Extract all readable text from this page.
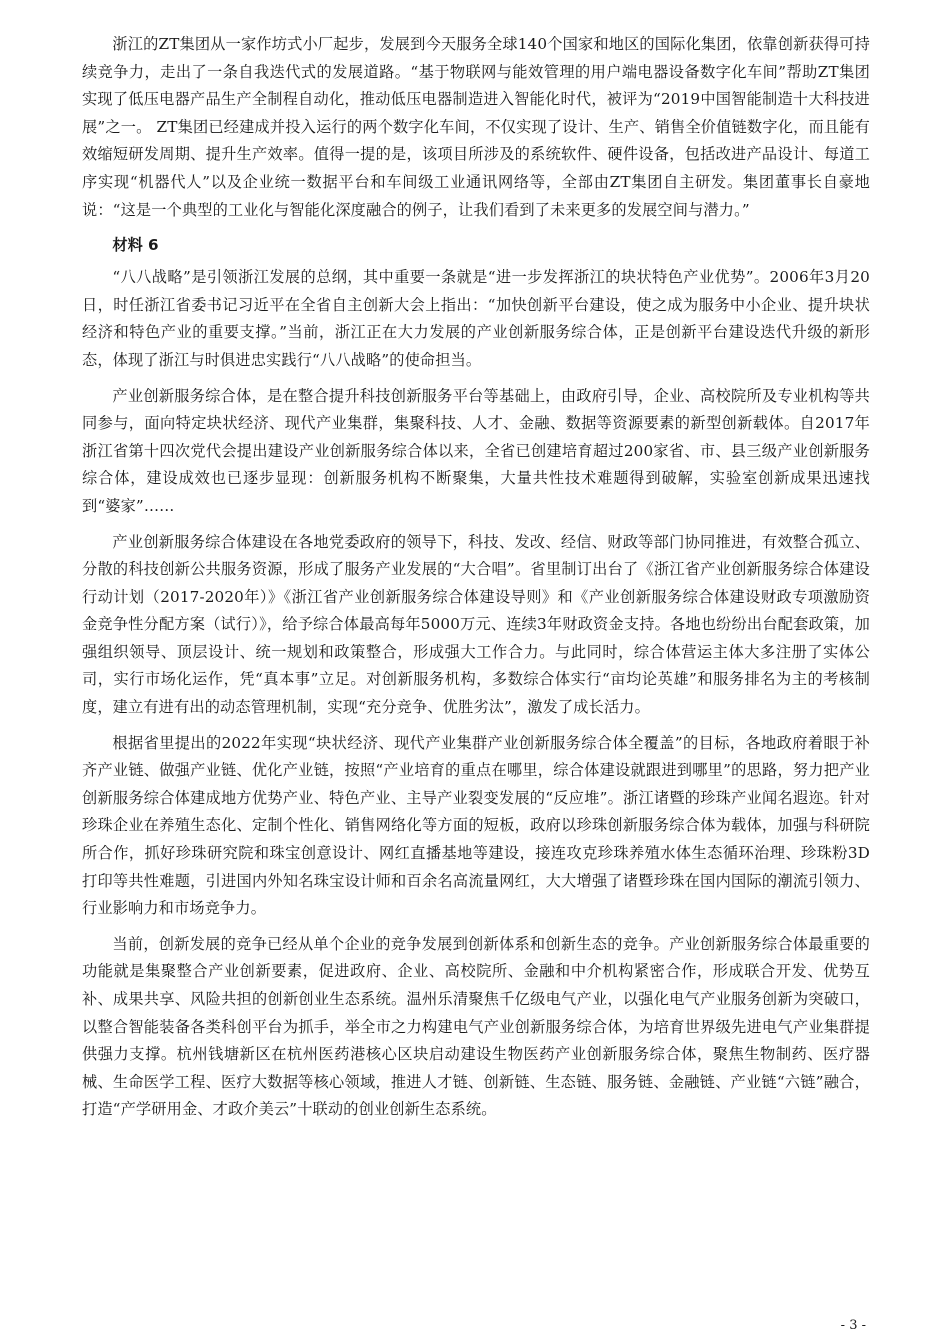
浙江的ZT集团从一家作坊式小厂起步，发展到今天服务全球140个国家和地区的国际化集团，依靠创新获得可持续竞争力，走出了一条自我迭代式的发展道路。“基于物联网与能效管理的用户端电器设备数字化车间”帮助ZT集团实现了低压电器产品生产全制程自动化，推动低压电器制造进入智能化时代，被评为“2019中国智能制造十大科技进展”之一。 ZT集团已经建成并投入运行的两个数字化车间，不仅实现了设计、生产、销售全价值链数字化，而且能有效缩短研发周期、提升生产效率。值得一提的是，该项目所涉及的系统软件、硬件设备，包括改进产品设计、每道工序实现“机器代人”以及企业统一数据平台和车间级工业通讯网络等，全部由ZT集团自主研发。集团董事长自豪地说：“这是一个典型的工业化与智能化深度融合的例子，让我们看到了未来更多的发展空间与潜力。”

材料 6

“八八战略”是引领浙江发展的总纲，其中重要一条就是“进一步发挥浙江的块状特色产业优势”。2006年3月20日，时任浙江省委书记习近平在全省自主创新大会上指出：“加快创新平台建设，使之成为服务中小企业、提升块状经济和特色产业的重要支撑。”当前，浙江正在大力发展的产业创新服务综合体，正是创新平台建设迭代升级的新形态，体现了浙江与时俱进忠实践行“八八战略”的使命担当。

产业创新服务综合体，是在整合提升科技创新服务平台等基础上，由政府引导，企业、高校院所及专业机构等共同参与，面向特定块状经济、现代产业集群，集聚科技、人才、金融、数据等资源要素的新型创新载体。自2017年浙江省第十四次党代会提出建设产业创新服务综合体以来，全省已创建培育超过200家省、市、县三级产业创新服务综合体，建设成效也已逐步显现：创新服务机构不断聚集，大量共性技术难题得到破解，实验室创新成果迅速找到“婆家”……

产业创新服务综合体建设在各地党委政府的领导下，科技、发改、经信、财政等部门协同推进，有效整合孤立、分散的科技创新公共服务资源，形成了服务产业发展的“大合唱”。省里制订出台了《浙江省产业创新服务综合体建设行动计划（2017-2020年）》《浙江省产业创新服务综合体建设导则》和《产业创新服务综合体建设财政专项激励资金竞争性分配方案（试行）》，给予综合体最高每年5000万元、连续3年财政资金支持。各地也纷纷出台配套政策，加强组织领导、顶层设计、统一规划和政策整合，形成强大工作合力。与此同时，综合体营运主体大多注册了实体公司，实行市场化运作，凭“真本事”立足。对创新服务机构，多数综合体实行“亩均论英雄”和服务排名为主的考核制度，建立有进有出的动态管理机制，实现“充分竞争、优胜劣汰”，激发了成长活力。

根据省里提出的2022年实现“块状经济、现代产业集群产业创新服务综合体全覆盖”的目标，各地政府着眼于补齐产业链、做强产业链、优化产业链，按照“产业培育的重点在哪里，综合体建设就跟进到哪里”的思路，努力把产业创新服务综合体建成地方优势产业、特色产业、主导产业裂变发展的“反应堆”。浙江诸暨的珍珠产业闻名遐迩。针对珍珠企业在养殖生态化、定制个性化、销售网络化等方面的短板，政府以珍珠创新服务综合体为载体，加强与科研院所合作，抓好珍珠研究院和珠宝创意设计、网红直播基地等建设，接连攻克珍珠养殖水体生态循环治理、珍珠粉3D打印等共性难题，引进国内外知名珠宝设计师和百余名高流量网红，大大增强了诸暨珍珠在国内国际的潮流引领力、行业影响力和市场竞争力。

当前，创新发展的竞争已经从单个企业的竞争发展到创新体系和创新生态的竞争。产业创新服务综合体最重要的功能就是集聚整合产业创新要素，促进政府、企业、高校院所、金融和中介机构紧密合作，形成联合开发、优势互补、成果共享、风险共担的创新创业生态系统。温州乐清聚焦千亿级电气产业，以强化电气产业服务创新为突破口，以整合智能装备各类科创平台为抓手，举全市之力构建电气产业创新服务综合体，为培育世界级先进电气产业集群提供强力支撑。杭州钱塘新区在杭州医药港核心区块启动建设生物医药产业创新服务综合体，聚焦生物制药、医疗器械、生命医学工程、医疗大数据等核心领域，推进人才链、创新链、生态链、服务链、金融链、产业链“六链”融合，打造“产学研用金、才政介美云”十联动的创业创新生态系统。

- 3 -
